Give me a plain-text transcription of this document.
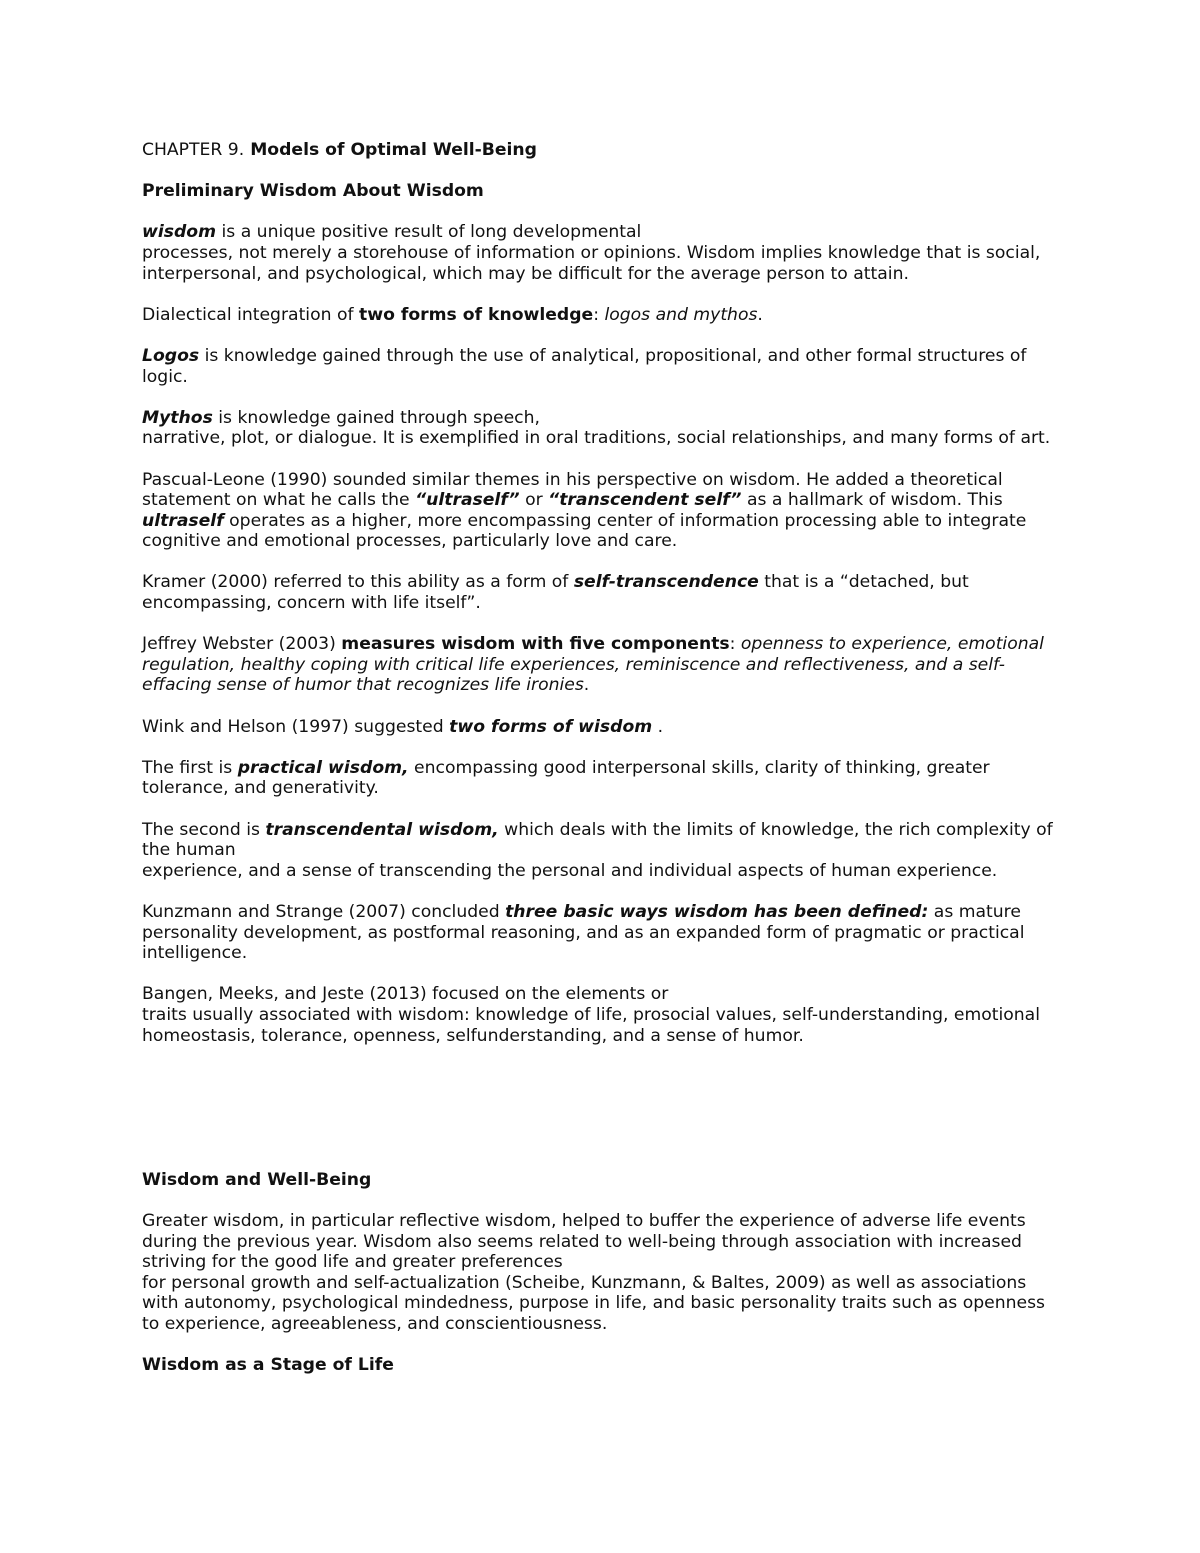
CHAPTER 9. Models of Optimal Well-Being
Preliminary Wisdom About Wisdom

wisdom is a unique positive result of long developmental
processes, not merely a storehouse of information or opinions. Wisdom implies knowledge that is social, interpersonal, and psychological, which may be difficult for the average person to attain.

Dialectical integration of two forms of knowledge: logos and mythos.

Logos is knowledge gained through the use of analytical, propositional, and other formal structures of logic.

Mythos is knowledge gained through speech,
narrative, plot, or dialogue. It is exemplified in oral traditions, social relationships, and many forms of art.

Pascual-Leone (1990) sounded similar themes in his perspective on wisdom. He added a theoretical statement on what he calls the “ultraself” or “transcendent self” as a hallmark of wisdom. This ultraself operates as a higher, more encompassing center of information processing able to integrate cognitive and emotional processes, particularly love and care.

Kramer (2000) referred to this ability as a form of self-transcendence that is a “detached, but encompassing, concern with life itself”.

Jeffrey Webster (2003) measures wisdom with five components: openness to experience, emotional regulation, healthy coping with critical life experiences, reminiscence and reflectiveness, and a self-effacing sense of humor that recognizes life ironies.

Wink and Helson (1997) suggested two forms of wisdom .

The first is practical wisdom, encompassing good interpersonal skills, clarity of thinking, greater tolerance, and generativity.

The second is transcendental wisdom, which deals with the limits of knowledge, the rich complexity of the human
experience, and a sense of transcending the personal and individual aspects of human experience.

Kunzmann and Strange (2007) concluded three basic ways wisdom has been defined: as mature personality development, as postformal reasoning, and as an expanded form of pragmatic or practical intelligence.

Bangen, Meeks, and Jeste (2013) focused on the elements or
traits usually associated with wisdom: knowledge of life, prosocial values, self-understanding, emotional homeostasis, tolerance, openness, selfunderstanding, and a sense of humor.

Wisdom and Well-Being

Greater wisdom, in particular reflective wisdom, helped to buffer the experience of adverse life events during the previous year. Wisdom also seems related to well-being through association with increased striving for the good life and greater preferences
for personal growth and self-actualization (Scheibe, Kunzmann, & Baltes, 2009) as well as associations with autonomy, psychological mindedness, purpose in life, and basic personality traits such as openness to experience, agreeableness, and conscientiousness.

Wisdom as a Stage of Life
